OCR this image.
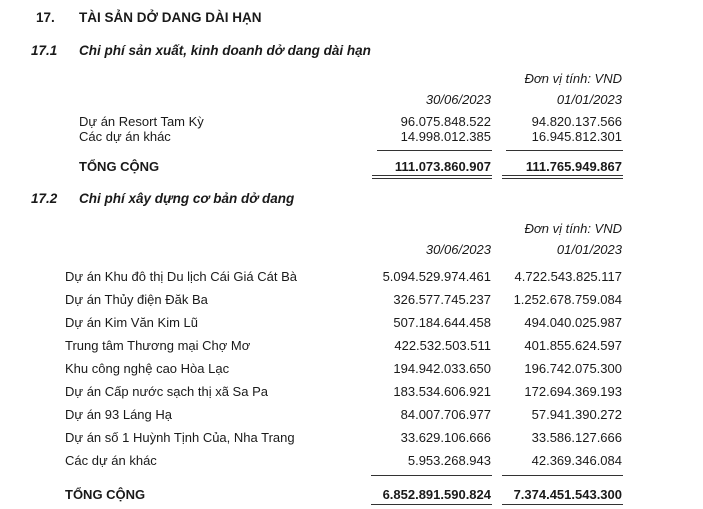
17. TÀI SẢN DỞ DANG DÀI HẠN
17.1 Chi phí sản xuất, kinh doanh dở dang dài hạn
Đơn vị tính: VND
30/06/2023	01/01/2023
Dự án Resort Tam Kỳ	96.075.848.522	94.820.137.566
Các dự án khác	14.998.012.385	16.945.812.301
TỔNG CỘNG	111.073.860.907	111.765.949.867
17.2 Chi phí xây dựng cơ bản dở dang
Đơn vị tính: VND
30/06/2023	01/01/2023
Dự án Khu đô thị Du lịch Cái Giá Cát Bà	5.094.529.974.461 4.722.543.825.117
Dự án Thủy điện Đăk Ba	326.577.745.237 1.252.678.759.084
Dự án Kim Văn Kim Lũ	507.184.644.458	494.040.025.987
Trung tâm Thương mại Chợ Mơ	422.532.503.511	401.855.624.597
Khu công nghệ cao Hòa Lạc	194.942.033.650	196.742.075.300
Dự án Cấp nước sạch thị xã Sa Pa	183.534.606.921	172.694.369.193
Dự án 93 Láng Hạ	84.007.706.977	57.941.390.272
Dự án số 1 Huỳnh Tịnh Của, Nha Trang	33.629.106.666	33.586.127.666
Các dự án khác	5.953.268.943	42.369.346.084
TỔNG CỘNG	6.852.891.590.824 7.374.451.543.300
